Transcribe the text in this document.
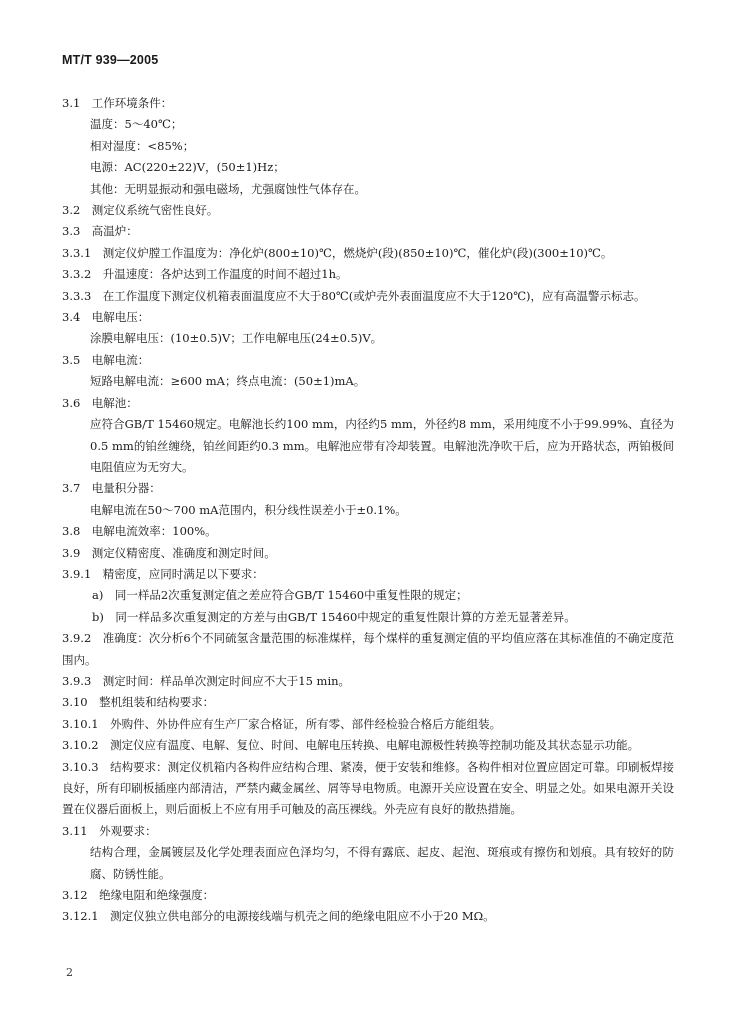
MT/T 939—2005
3.1　工作环境条件：
温度：5～40℃；
相对湿度：<85%；
电源：AC(220±22)V，(50±1)Hz；
其他：无明显振动和强电磁场，尤强腐蚀性气体存在。
3.2　测定仪系统气密性良好。
3.3　高温炉：
3.3.1　测定仪炉膛工作温度为：净化炉(800±10)℃，燃烧炉(段)(850±10)℃，催化炉(段)(300±10)℃。
3.3.2　升温速度：各炉达到工作温度的时间不超过1h。
3.3.3　在工作温度下测定仪机箱表面温度应不大于80℃(或炉壳外表面温度应不大于120℃)，应有高温警示标志。
3.4　电解电压：
涂膜电解电压：(10±0.5)V；工作电解电压(24±0.5)V。
3.5　电解电流：
短路电解电流：≥600 mA；终点电流：(50±1)mA。
3.6　电解池：
应符合GB/T 15460规定。电解池长约100 mm，内径约5 mm，外径约8 mm，采用纯度不小于99.99%、直径为0.5 mm的铂丝缠绕，铂丝间距约0.3 mm。电解池应带有冷却装置。电解池洗净吹干后，应为开路状态，两铂极间电阻值应为无穷大。
3.7　电量积分器：
电解电流在50～700 mA范围内，积分线性误差小于±0.1%。
3.8　电解电流效率：100%。
3.9　测定仪精密度、准确度和测定时间。
3.9.1　精密度，应同时满足以下要求：
a)　同一样品2次重复测定值之差应符合GB/T 15460中重复性限的规定；
b)　同一样品多次重复测定的方差与由GB/T 15460中规定的重复性限计算的方差无显著差异。
3.9.2　准确度：次分析6个不同硫氢含量范围的标准煤样，每个煤样的重复测定值的平均值应落在其标准值的不确定度范围内。
3.9.3　测定时间：样品单次测定时间应不大于15 min。
3.10　整机组装和结构要求：
3.10.1　外购件、外协件应有生产厂家合格证，所有零、部件经检验合格后方能组装。
3.10.2　测定仪应有温度、电解、复位、时间、电解电压转换、电解电源极性转换等控制功能及其状态显示功能。
3.10.3　结构要求：测定仪机箱内各构件应结构合理、紧凑，便于安装和维修。各构件相对位置应固定可靠。印刷板焊接良好，所有印刷板插座内部清洁，严禁内藏金属丝、屑等导电物质。电源开关应设置在安全、明显之处。如果电源开关设置在仪器后面板上，则后面板上不应有用手可触及的高压裸线。外壳应有良好的散热措施。
3.11　外观要求：
结构合理，金属镀层及化学处理表面应色泽均匀，不得有露底、起皮、起泡、斑痕或有擦伤和划痕。具有较好的防腐、防锈性能。
3.12　绝缘电阻和绝缘强度：
3.12.1　测定仪独立供电部分的电源接线端与机壳之间的绝缘电阻应不小于20 MΩ。
2
